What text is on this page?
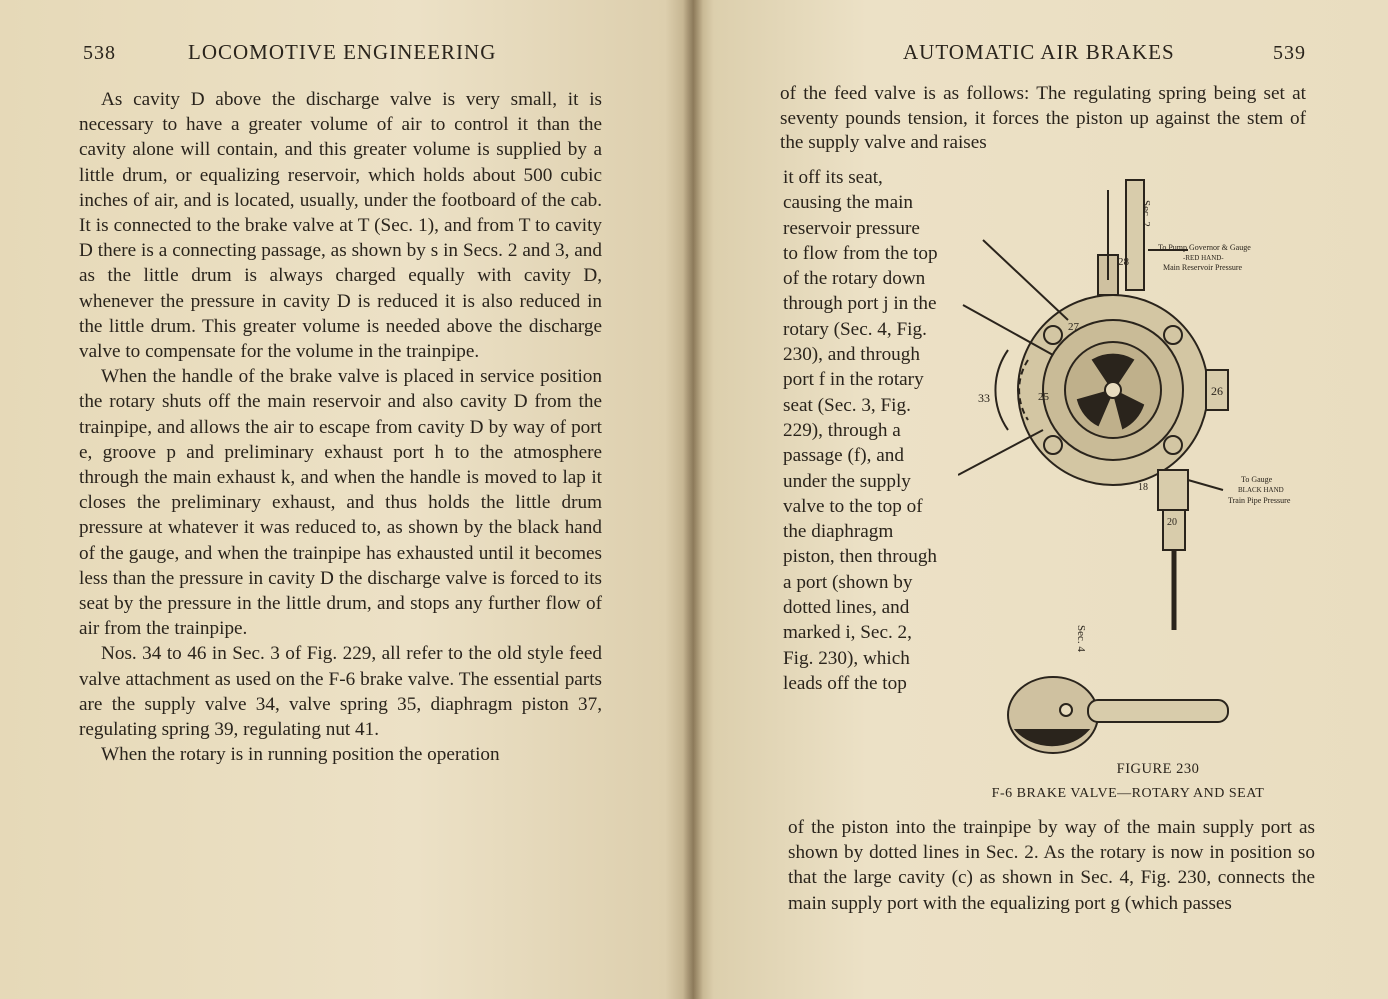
538	LOCOMOTIVE ENGINEERING

As cavity D above the discharge valve is very small, it is necessary to have a greater volume of air to control it than the cavity alone will contain, and this greater volume is supplied by a little drum, or equalizing reservoir, which holds about 500 cubic inches of air, and is located, usually, under the footboard of the cab. It is connected to the brake valve at T (Sec. 1), and from T to cavity D there is a connecting passage, as shown by s in Secs. 2 and 3, and as the little drum is always charged equally with cavity D, whenever the pressure in cavity D is reduced it is also reduced in the little drum. This greater volume is needed above the discharge valve to compensate for the volume in the trainpipe.

When the handle of the brake valve is placed in service position the rotary shuts off the main reservoir and also cavity D from the trainpipe, and allows the air to escape from cavity D by way of port e, groove p and preliminary exhaust port h to the atmosphere through the main exhaust k, and when the handle is moved to lap it closes the preliminary exhaust, and thus holds the little drum pressure at whatever it was reduced to, as shown by the black hand of the gauge, and when the trainpipe has exhausted until it becomes less than the pressure in cavity D the discharge valve is forced to its seat by the pressure in the little drum, and stops any further flow of air from the trainpipe.

Nos. 34 to 46 in Sec. 3 of Fig. 229, all refer to the old style feed valve attachment as used on the F-6 brake valve. The essential parts are the supply valve 34, valve spring 35, diaphragm piston 37, regulating spring 39, regulating nut 41.

When the rotary is in running position the operation

AUTOMATIC AIR BRAKES	539
of the feed valve is as follows: The regulating spring being set at seventy pounds tension, it forces the piston up against the stem of the supply valve and raises
it off its seat, causing the main reservoir pressure to flow from the top of the rotary down through port j in the rotary (Sec. 4, Fig. 230), and through port f in the rotary seat (Sec. 3, Fig. 229), through a passage (f), and under the supply valve to the top of the diaphragm piston, then through a port (shown by dotted lines, and marked i, Sec. 2, Fig. 230), which leads off the top
Sec. 2
To Pump Governor & Gauge
-RED HAND-
Main Reservoir Pressure
To Gauge
BLACK HAND
Train Pipe Pressure
33	26
27
28
25
18
20
Sec. 4
FIGURE 230
F-6 BRAKE VALVE—ROTARY AND SEAT
of the piston into the trainpipe by way of the main supply port as shown by dotted lines in Sec. 2. As the rotary is now in position so that the large cavity (c) as shown in Sec. 4, Fig. 230, connects the main supply port with the equalizing port g (which passes
